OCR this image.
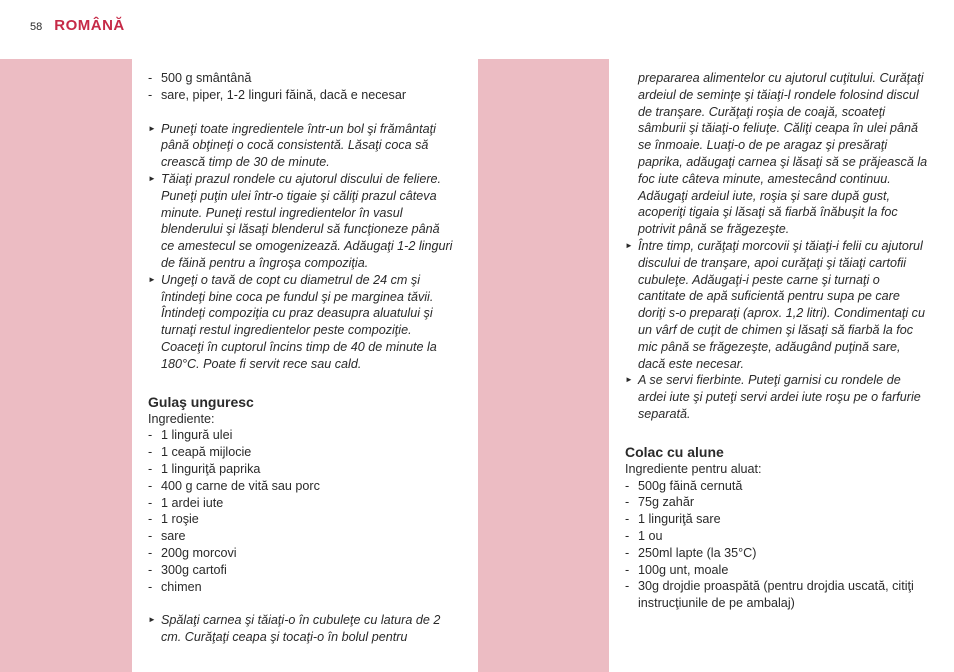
58 ROMÂNĂ
- 500 g smântână
- sare, piper, 1-2 linguri făină, dacă e necesar
► Puneţi toate ingredientele într-un bol şi frământaţi până obţineţi o cocă consistentă. Lăsaţi coca să crească timp de 30 de minute.
► Tăiaţi prazul rondele cu ajutorul discului de feliere. Puneţi puţin ulei într-o tigaie şi căliţi prazul câteva minute. Puneţi restul ingredientelor în vasul blenderului şi lăsaţi blenderul să funcţioneze până ce amestecul se omogenizează. Adăugaţi 1-2 linguri de făină pentru a îngroşa compoziţia.
► Ungeţi o tavă de copt cu diametrul de 24 cm şi întindeţi bine coca pe fundul şi pe marginea tăvii. Întindeţi compoziţia cu praz deasupra aluatului şi turnaţi restul ingredientelor peste compoziţie. Coaceţi în cuptorul încins timp de 40 de minute la 180°C. Poate fi servit rece sau cald.
Gulaş unguresc
Ingrediente:
- 1 lingură ulei
- 1 ceapă mijlocie
- 1 linguriţă paprika
- 400 g carne de vită sau porc
- 1 ardei iute
- 1 roşie
- sare
- 200g morcovi
- 300g cartofi
- chimen
► Spălaţi carnea şi tăiaţi-o în cubuleţe cu latura de 2 cm. Curăţaţi ceapa şi tocaţi-o în bolul pentru
prepararea alimentelor cu ajutorul cuţitului. Curăţaţi ardeiul de seminţe şi tăiaţi-l rondele folosind discul de tranşare. Curăţaţi roşia de coajă, scoateţi sâmburii şi tăiaţi-o feliuţe. Căliţi ceapa în ulei până se înmoaie. Luaţi-o de pe aragaz şi presăraţi paprika, adăugaţi carnea şi lăsaţi să se prăjească la foc iute câteva minute, amestecând continuu. Adăugaţi ardeiul iute, roşia şi sare după gust, acoperiţi tigaia şi lăsaţi să fiarbă înăbuşit la foc potrivit până se frăgezeşte.
► Între timp, curăţaţi morcovii şi tăiaţi-i felii cu ajutorul discului de tranşare, apoi curăţaţi şi tăiaţi cartofii cubuleţe. Adăugaţi-i peste carne şi turnaţi o cantitate de apă suficientă pentru supa pe care doriţi s-o preparaţi (aprox. 1,2 litri). Condimentaţi cu un vârf de cuţit de chimen şi lăsaţi să fiarbă la foc mic până se frăgezeşte, adăugând puţină sare, dacă este necesar.
► A se servi fierbinte. Puteţi garnisi cu rondele de ardei iute şi puteţi servi ardei iute roşu pe o farfurie separată.
Colac cu alune
Ingrediente pentru aluat:
- 500g făină cernută
- 75g zahăr
- 1 linguriţă sare
- 1 ou
- 250ml lapte (la 35°C)
- 100g unt, moale
- 30g drojdie proaspătă (pentru drojdia uscată, citiţi instrucţiunile de pe ambalaj)
